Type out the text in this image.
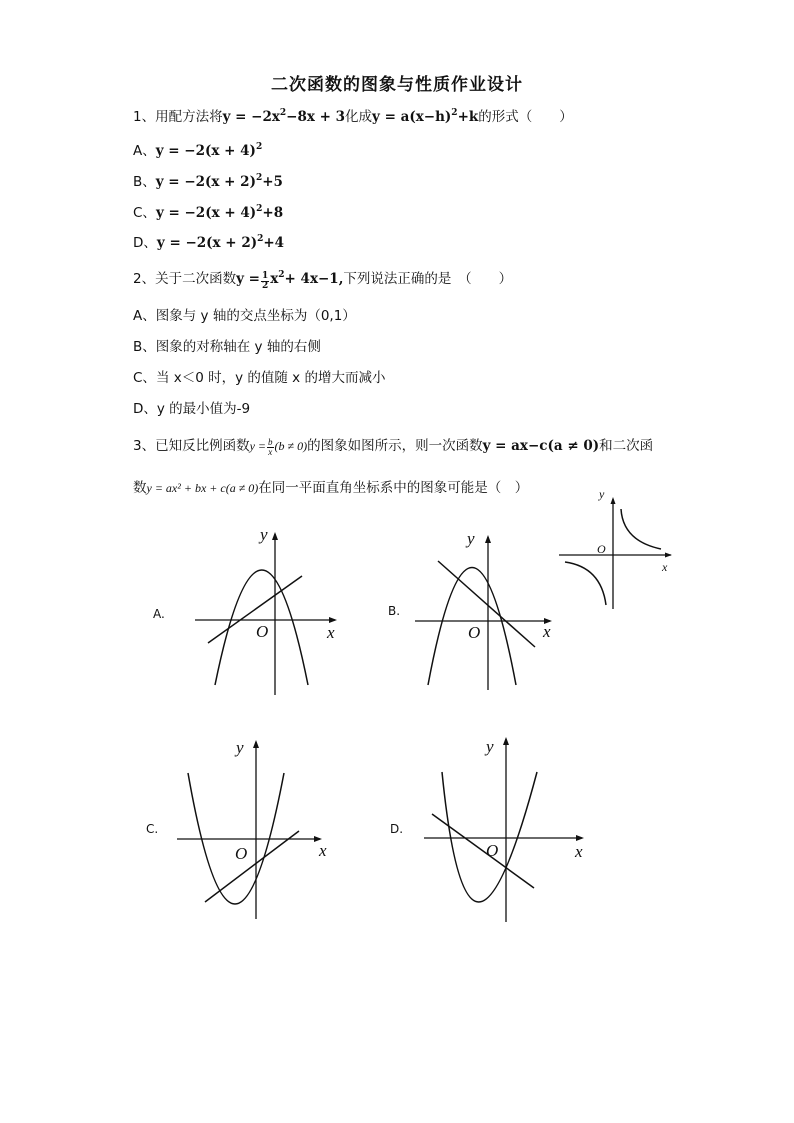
二次函数的图象与性质作业设计
1、用配方法将$y = -2x^2-8x + 3$化成$y = a(x-h)^2+k$的形式（　　）
A、$y = -2(x + 4)^2$
B、$y = -2(x + 2)^2+5$
C、$y = -2(x + 4)^2+8$
D、$y = -2(x + 2)^2+4$
2、关于二次函数$y = \frac{1}{2} x^2+ 4x-1$,下列说法正确的是　（　　）
A、图象与 y 轴的交点坐标为（0,1）
B、图象的对称轴在 y 轴的右侧
C、当 x＜0 时，y 的值随 x 的增大而减小
D、y 的最小值为-9
3、已知反比例函数$y = \frac{b}{x} (b \ne 0)$的图象如图所示，则一次函数y = ax−c(a ≠ 0)和二次函
数y = ax² + bx + c(a ≠ 0)在同一平面直角坐标系中的图象可能是（　）	y
x
O
A.
y
x
O
B.
y
x
O
C.
y
x
O
D.
y
x
O
